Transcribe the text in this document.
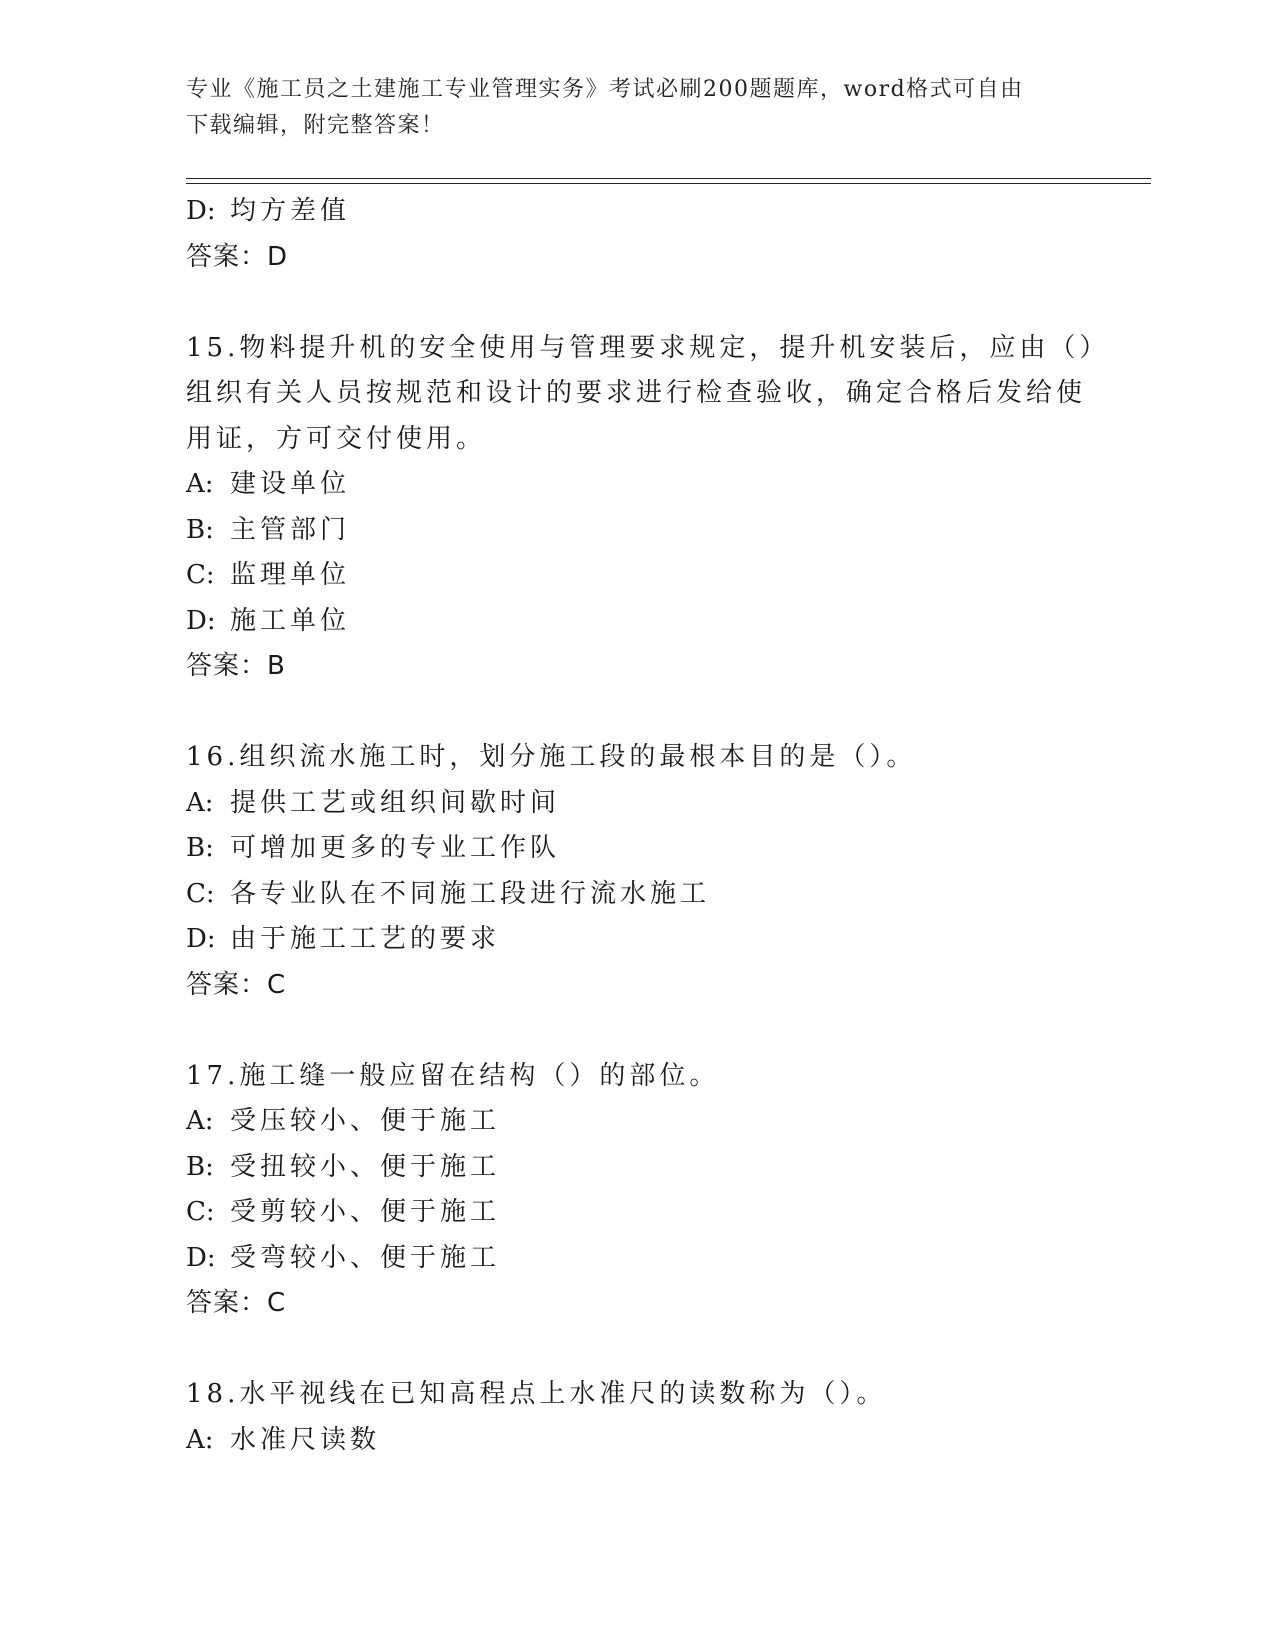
专业《施工员之土建施工专业管理实务》考试必刷200题题库，word格式可自由
下载编辑，附完整答案！
D: 均方差值
答案：D
15.物料提升机的安全使用与管理要求规定，提升机安装后，应由（）
组织有关人员按规范和设计的要求进行检查验收，确定合格后发给使
用证，方可交付使用。
A: 建设单位
B: 主管部门
C: 监理单位
D: 施工单位
答案：B
16.组织流水施工时，划分施工段的最根本目的是（）。
A: 提供工艺或组织间歇时间
B: 可增加更多的专业工作队
C: 各专业队在不同施工段进行流水施工
D: 由于施工工艺的要求
答案：C
17.施工缝一般应留在结构（）的部位。
A: 受压较小、便于施工
B: 受扭较小、便于施工
C: 受剪较小、便于施工
D: 受弯较小、便于施工
答案：C
18.水平视线在已知高程点上水准尺的读数称为（）。
A: 水准尺读数
